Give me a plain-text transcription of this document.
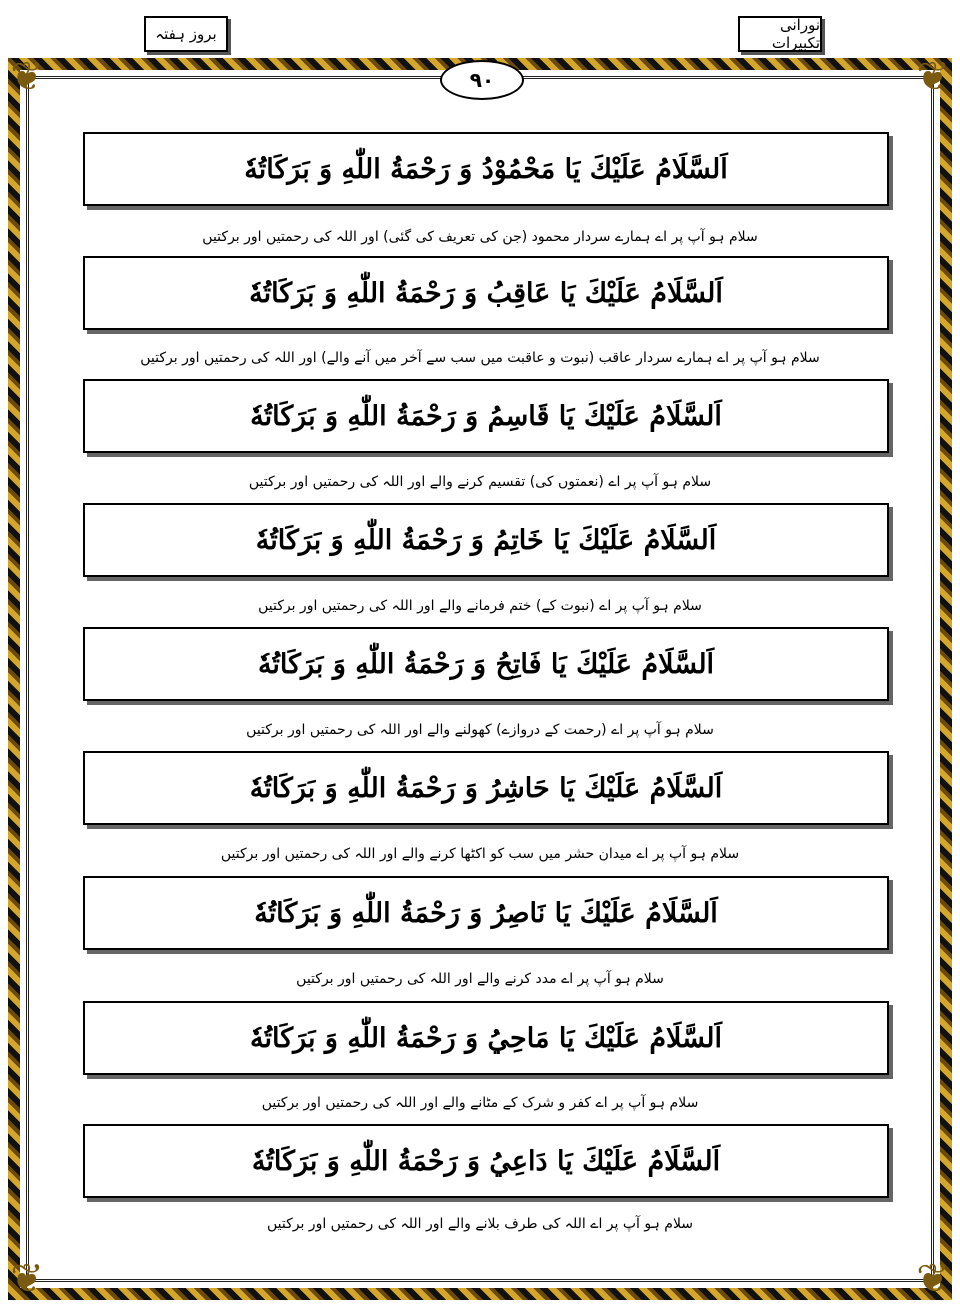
❦	❦
❦	❦
بروز ہفتہ	نورانی تکبیرات
۹۰
اَلسَّلَامُ عَلَيْكَ يَا مَحْمُوْدُ وَ رَحْمَةُ اللّٰهِ وَ بَرَكَاتُهٗ
سلام ہو آپ پر اے ہمارے سردار محمود (جن کی تعریف کی گئی) اور اللہ کی رحمتیں اور برکتیں
اَلسَّلَامُ عَلَيْكَ يَا عَاقِبُ وَ رَحْمَةُ اللّٰهِ وَ بَرَكَاتُهٗ
سلام ہو آپ پر اے ہمارے سردار عاقب (نبوت و عاقبت میں سب سے آخر میں آنے والے) اور اللہ کی رحمتیں اور برکتیں
اَلسَّلَامُ عَلَيْكَ يَا قَاسِمُ وَ رَحْمَةُ اللّٰهِ وَ بَرَكَاتُهٗ
سلام ہو آپ پر اے (نعمتوں کی) تقسیم کرنے والے اور اللہ کی رحمتیں اور برکتیں
اَلسَّلَامُ عَلَيْكَ يَا خَاتِمُ وَ رَحْمَةُ اللّٰهِ وَ بَرَكَاتُهٗ
سلام ہو آپ پر اے (نبوت کے) ختم فرمانے والے اور اللہ کی رحمتیں اور برکتیں
اَلسَّلَامُ عَلَيْكَ يَا فَاتِحُ وَ رَحْمَةُ اللّٰهِ وَ بَرَكَاتُهٗ
سلام ہو آپ پر اے (رحمت کے دروازے) کھولنے والے اور اللہ کی رحمتیں اور برکتیں
اَلسَّلَامُ عَلَيْكَ يَا حَاشِرُ وَ رَحْمَةُ اللّٰهِ وَ بَرَكَاتُهٗ
سلام ہو آپ پر اے میدان حشر میں سب کو اکٹھا کرنے والے اور اللہ کی رحمتیں اور برکتیں
اَلسَّلَامُ عَلَيْكَ يَا نَاصِرُ وَ رَحْمَةُ اللّٰهِ وَ بَرَكَاتُهٗ
سلام ہو آپ پر اے مدد کرنے والے اور اللہ کی رحمتیں اور برکتیں
اَلسَّلَامُ عَلَيْكَ يَا مَاحِيُ وَ رَحْمَةُ اللّٰهِ وَ بَرَكَاتُهٗ
سلام ہو آپ پر اے کفر و شرک کے مٹانے والے اور اللہ کی رحمتیں اور برکتیں
اَلسَّلَامُ عَلَيْكَ يَا دَاعِيُ وَ رَحْمَةُ اللّٰهِ وَ بَرَكَاتُهٗ
سلام ہو آپ پر اے اللہ کی طرف بلانے والے اور اللہ کی رحمتیں اور برکتیں
